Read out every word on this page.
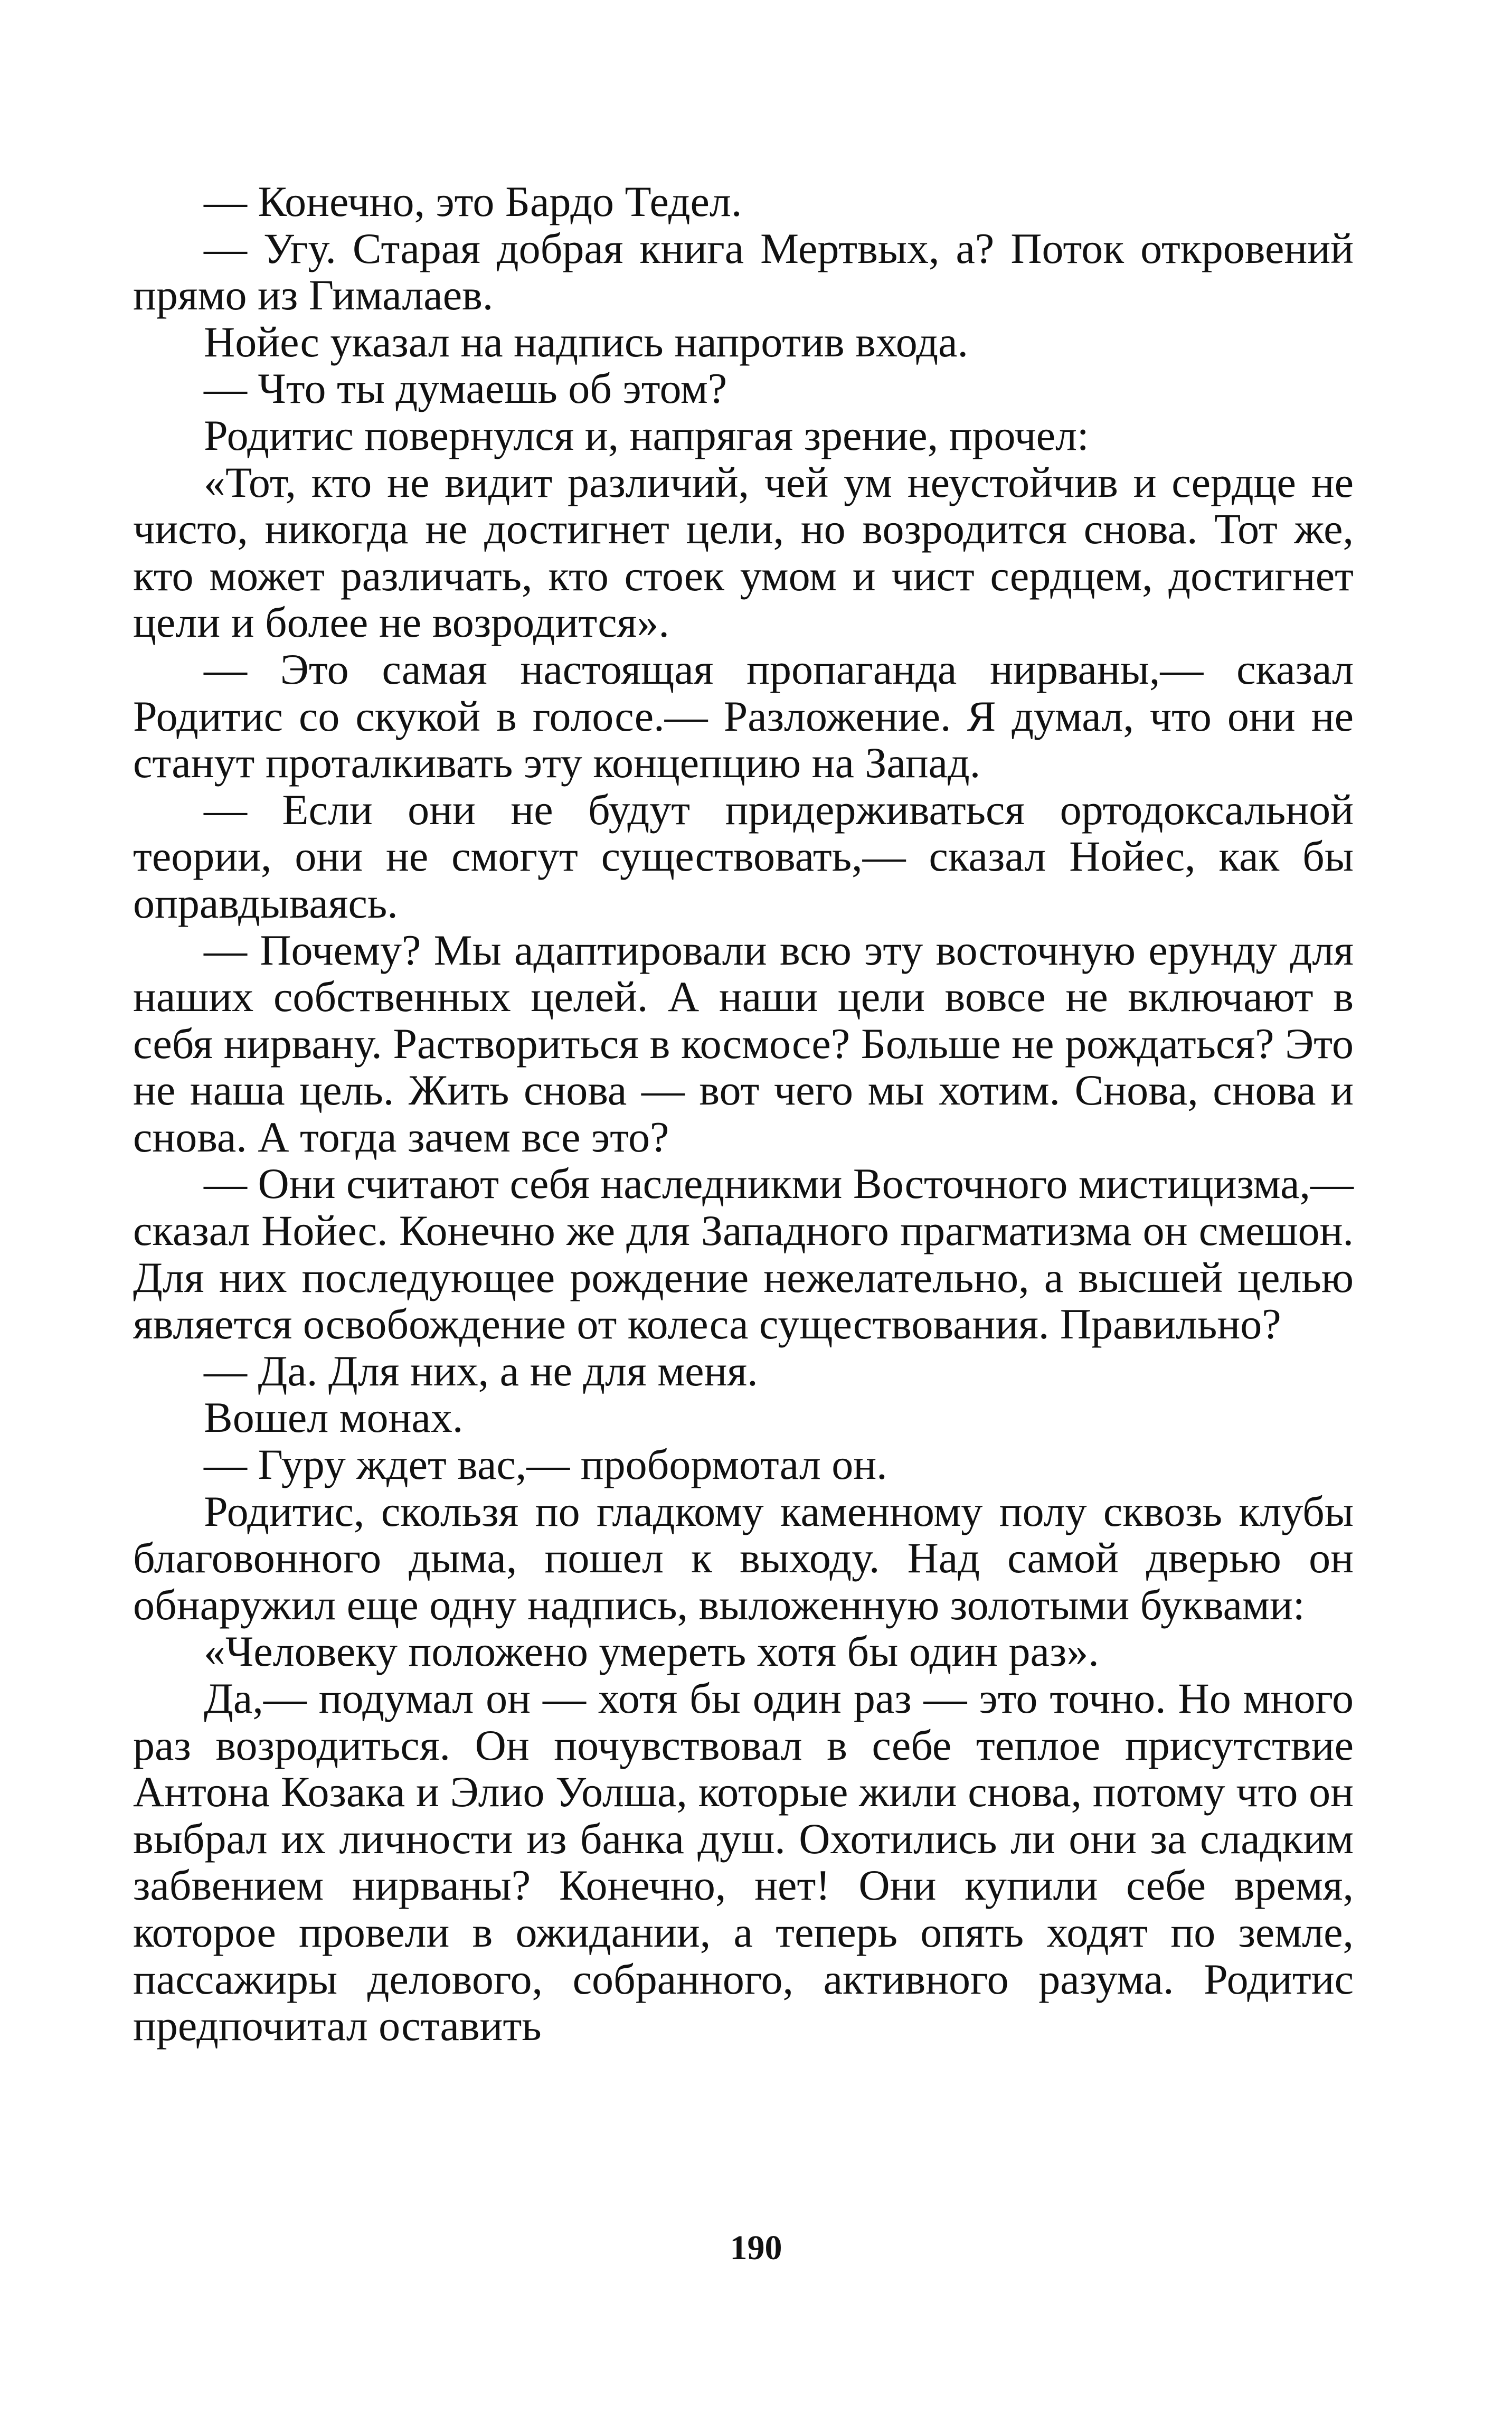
— Конечно, это Бардо Тедел.

— Угу. Старая добрая книга Мертвых, а? Поток откровений прямо из Гималаев.

Нойес указал на надпись напротив входа.

— Что ты думаешь об этом?

Родитис повернулся и, напрягая зрение, прочел:

«Тот, кто не видит различий, чей ум неустойчив и сердце не чисто, никогда не достигнет цели, но возродится снова. Тот же, кто может различать, кто стоек умом и чист сердцем, достигнет цели и более не возродится».

— Это самая настоящая пропаганда нирваны,— сказал Родитис со скукой в голосе.— Разложение. Я думал, что они не станут проталкивать эту концепцию на Запад.

— Если они не будут придерживаться ортодоксальной теории, они не смогут существовать,— сказал Нойес, как бы оправдываясь.

— Почему? Мы адаптировали всю эту восточную ерунду для наших собственных целей. А наши цели вовсе не включают в себя нирвану. Раствориться в космосе? Больше не рождаться? Это не наша цель. Жить снова — вот чего мы хотим. Снова, снова и снова. А тогда зачем все это?

— Они считают себя наследникми Восточного мистицизма,— сказал Нойес. Конечно же для Западного прагматизма он смешон. Для них последующее рождение нежелательно, а высшей целью является освобождение от колеса существования. Правильно?

— Да. Для них, а не для меня.

Вошел монах.

— Гуру ждет вас,— пробормотал он.

Родитис, скользя по гладкому каменному полу сквозь клубы благовонного дыма, пошел к выходу. Над самой дверью он обнаружил еще одну надпись, выложенную золотыми буквами:

«Человеку положено умереть хотя бы один раз».

Да,— подумал он — хотя бы один раз — это точно. Но много раз возродиться. Он почувствовал в себе теплое присутствие Антона Козака и Элио Уолша, которые жили снова, потому что он выбрал их личности из банка душ. Охотились ли они за сладким забвением нирваны? Конечно, нет! Они купили себе время, которое провели в ожидании, а теперь опять ходят по земле, пассажиры делового, собранного, активного разума. Родитис предпочитал оставить

190
